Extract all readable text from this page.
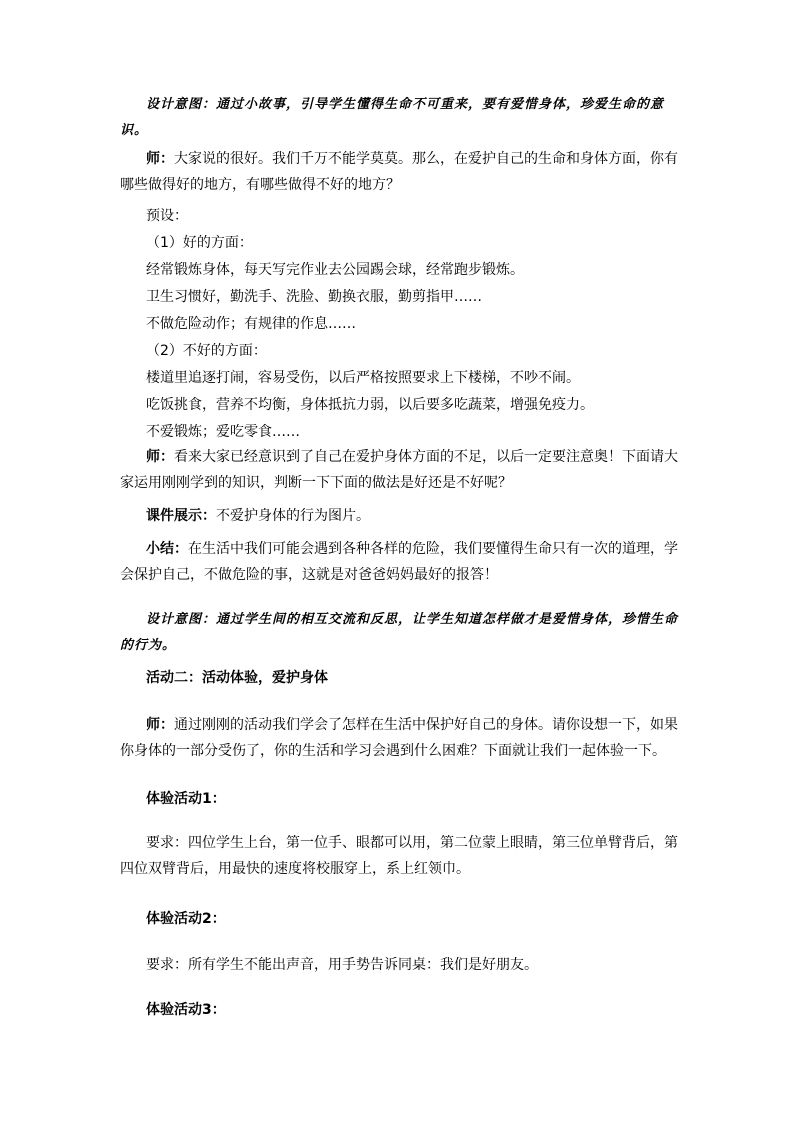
设计意图：通过小故事，引导学生懂得生命不可重来，要有爱惜身体，珍爱生命的意识。
师：大家说的很好。我们千万不能学莫莫。那么，在爱护自己的生命和身体方面，你有哪些做得好的地方，有哪些做得不好的地方？
预设：
（1）好的方面：
经常锻炼身体，每天写完作业去公园踢会球，经常跑步锻炼。
卫生习惯好，勤洗手、洗脸、勤换衣服，勤剪指甲……
不做危险动作；有规律的作息……
（2）不好的方面：
楼道里追逐打闹，容易受伤，以后严格按照要求上下楼梯，不吵不闹。
吃饭挑食，营养不均衡，身体抵抗力弱，以后要多吃蔬菜，增强免疫力。
不爱锻炼；爱吃零食……
师：看来大家已经意识到了自己在爱护身体方面的不足，以后一定要注意奥！下面请大家运用刚刚学到的知识，判断一下下面的做法是好还是不好呢？
课件展示：不爱护身体的行为图片。
小结：在生活中我们可能会遇到各种各样的危险，我们要懂得生命只有一次的道理，学会保护自己，不做危险的事，这就是对爸爸妈妈最好的报答！
设计意图：通过学生间的相互交流和反思，让学生知道怎样做才是爱惜身体，珍惜生命的行为。
活动二：活动体验，爱护身体
师：通过刚刚的活动我们学会了怎样在生活中保护好自己的身体。请你设想一下，如果你身体的一部分受伤了，你的生活和学习会遇到什么困难？下面就让我们一起体验一下。
体验活动1：
要求：四位学生上台，第一位手、眼都可以用，第二位蒙上眼睛，第三位单臂背后，第四位双臂背后，用最快的速度将校服穿上，系上红领巾。
体验活动2：
要求：所有学生不能出声音，用手势告诉同桌：我们是好朋友。
体验活动3：
